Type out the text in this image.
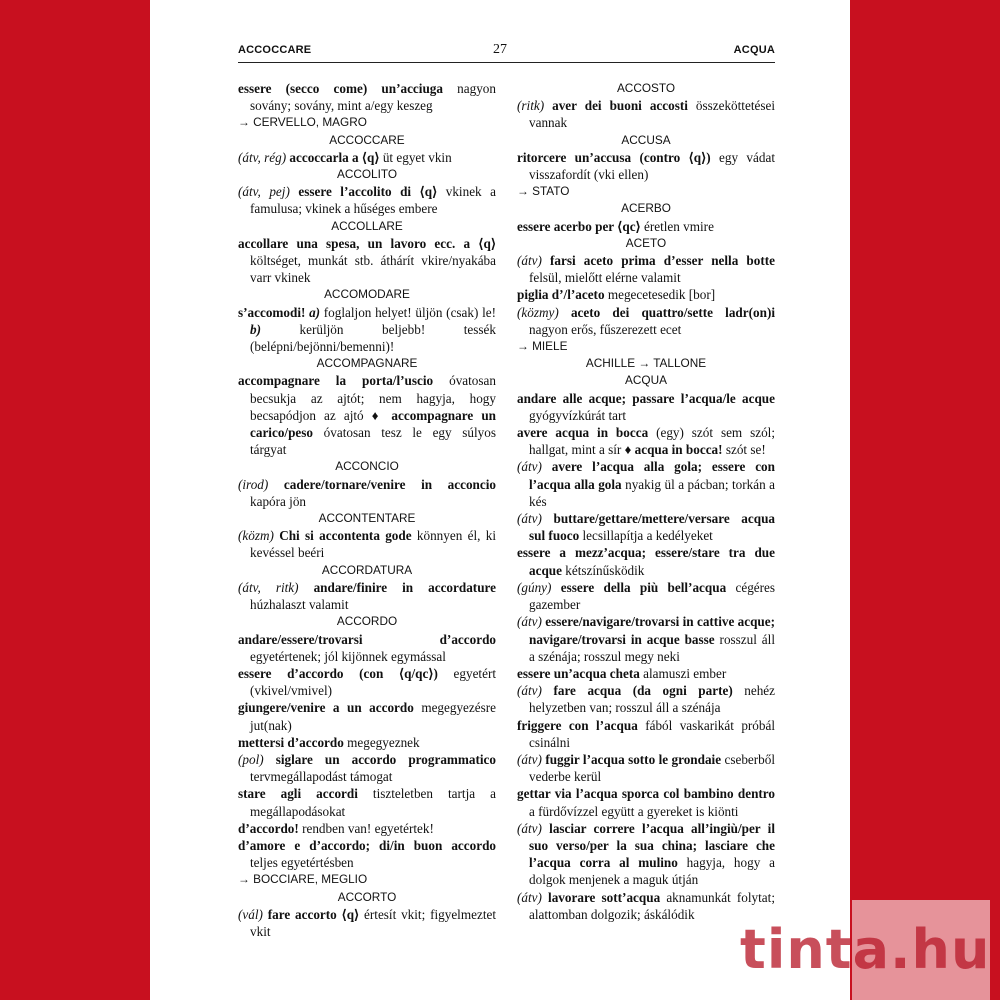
ACCOCCARE	27	ACQUA
essere (secco come) un’acciuga nagyon sovány; sovány, mint a/egy keszeg
→ CERVELLO, MAGRO
ACCOCCARE
(átv, rég) accoccarla a ⟨q⟩ üt egyet vkin
ACCOLITO
(átv, pej) essere l’accolito di ⟨q⟩ vkinek a famulusa; vkinek a hűséges embere
ACCOLLARE
accollare una spesa, un lavoro ecc. a ⟨q⟩ költséget, munkát stb. áthárít vkire/nyakába varr vkinek
ACCOMODARE
s’accomodi! a) foglaljon helyet! üljön (csak) le! b) kerüljön beljebb! tessék (belépni/bejönni/bemenni)!
ACCOMPAGNARE
accompagnare la porta/l’uscio óvatosan becsukja az ajtót; nem hagyja, hogy becsapódjon az ajtó ♦ accompagnare un carico/peso óvatosan tesz le egy súlyos tárgyat
ACCONCIO
(irod) cadere/tornare/venire in acconcio kapóra jön
ACCONTENTARE
(közm) Chi si accontenta gode könnyen él, ki kevéssel beéri
ACCORDATURA
(átv, ritk) andare/finire in accordature húzhalaszt valamit
ACCORDO
andare/essere/trovarsi d’accordo egyetértenek; jól kijönnek egymással
essere d’accordo (con ⟨q/qc⟩) egyetért (vkivel/vmivel)
giungere/venire a un accordo megegyezésre jut(nak)
mettersi d’accordo megegyeznek
(pol) siglare un accordo programmatico tervmegállapodást támogat
stare agli accordi tiszteletben tartja a megállapodásokat
d’accordo! rendben van! egyetértek!
d’amore e d’accordo; di/in buon accordo teljes egyetértésben
→ BOCCIARE, MEGLIO
ACCORTO
(vál) fare accorto ⟨q⟩ értesít vkit; figyelmeztet vkit
ACCOSTO
(ritk) aver dei buoni accosti összeköttetései vannak
ACCUSA
ritorcere un’accusa (contro ⟨q⟩) egy vádat visszafordít (vki ellen)
→ STATO
ACERBO
essere acerbo per ⟨qc⟩ éretlen vmire
ACETO
(átv) farsi aceto prima d’esser nella botte felsül, mielőtt elérne valamit
piglia d’/l’aceto megecetesedik [bor]
(közmy) aceto dei quattro/sette ladr(on)i nagyon erős, fűszerezett ecet
→ MIELE
ACHILLE → TALLONE
ACQUA
andare alle acque; passare l’acqua/le acque gyógyvízkúrát tart
avere acqua in bocca (egy) szót sem szól; hallgat, mint a sír ♦ acqua in bocca! szót se!
(átv) avere l’acqua alla gola; essere con l’acqua alla gola nyakig ül a pácban; torkán a kés
(átv) buttare/gettare/mettere/versare acqua sul fuoco lecsillapítja a kedélyeket
essere a mezz’acqua; essere/stare tra due acque kétszínűsködik
(gúny) essere della più bell’acqua cégéres gazember
(átv) essere/navigare/trovarsi in cattive acque; navigare/trovarsi in acque basse rosszul áll a szénája; rosszul megy neki
essere un’acqua cheta alamuszi ember
(átv) fare acqua (da ogni parte) nehéz helyzetben van; rosszul áll a szénája
friggere con l’acqua fából vaskarikát próbál csinálni
(átv) fuggir l’acqua sotto le grondaie cseberből vederbe kerül
gettar via l’acqua sporca col bambino dentro a fürdővízzel együtt a gyereket is kiönti
(átv) lasciar correre l’acqua all’ingiù/per il suo verso/per la sua china; lasciare che l’acqua corra al mulino hagyja, hogy a dolgok menjenek a maguk útján
(átv) lavorare sott’acqua aknamunkát folytat; alattomban dolgozik; áskálódik
tinta.hu
